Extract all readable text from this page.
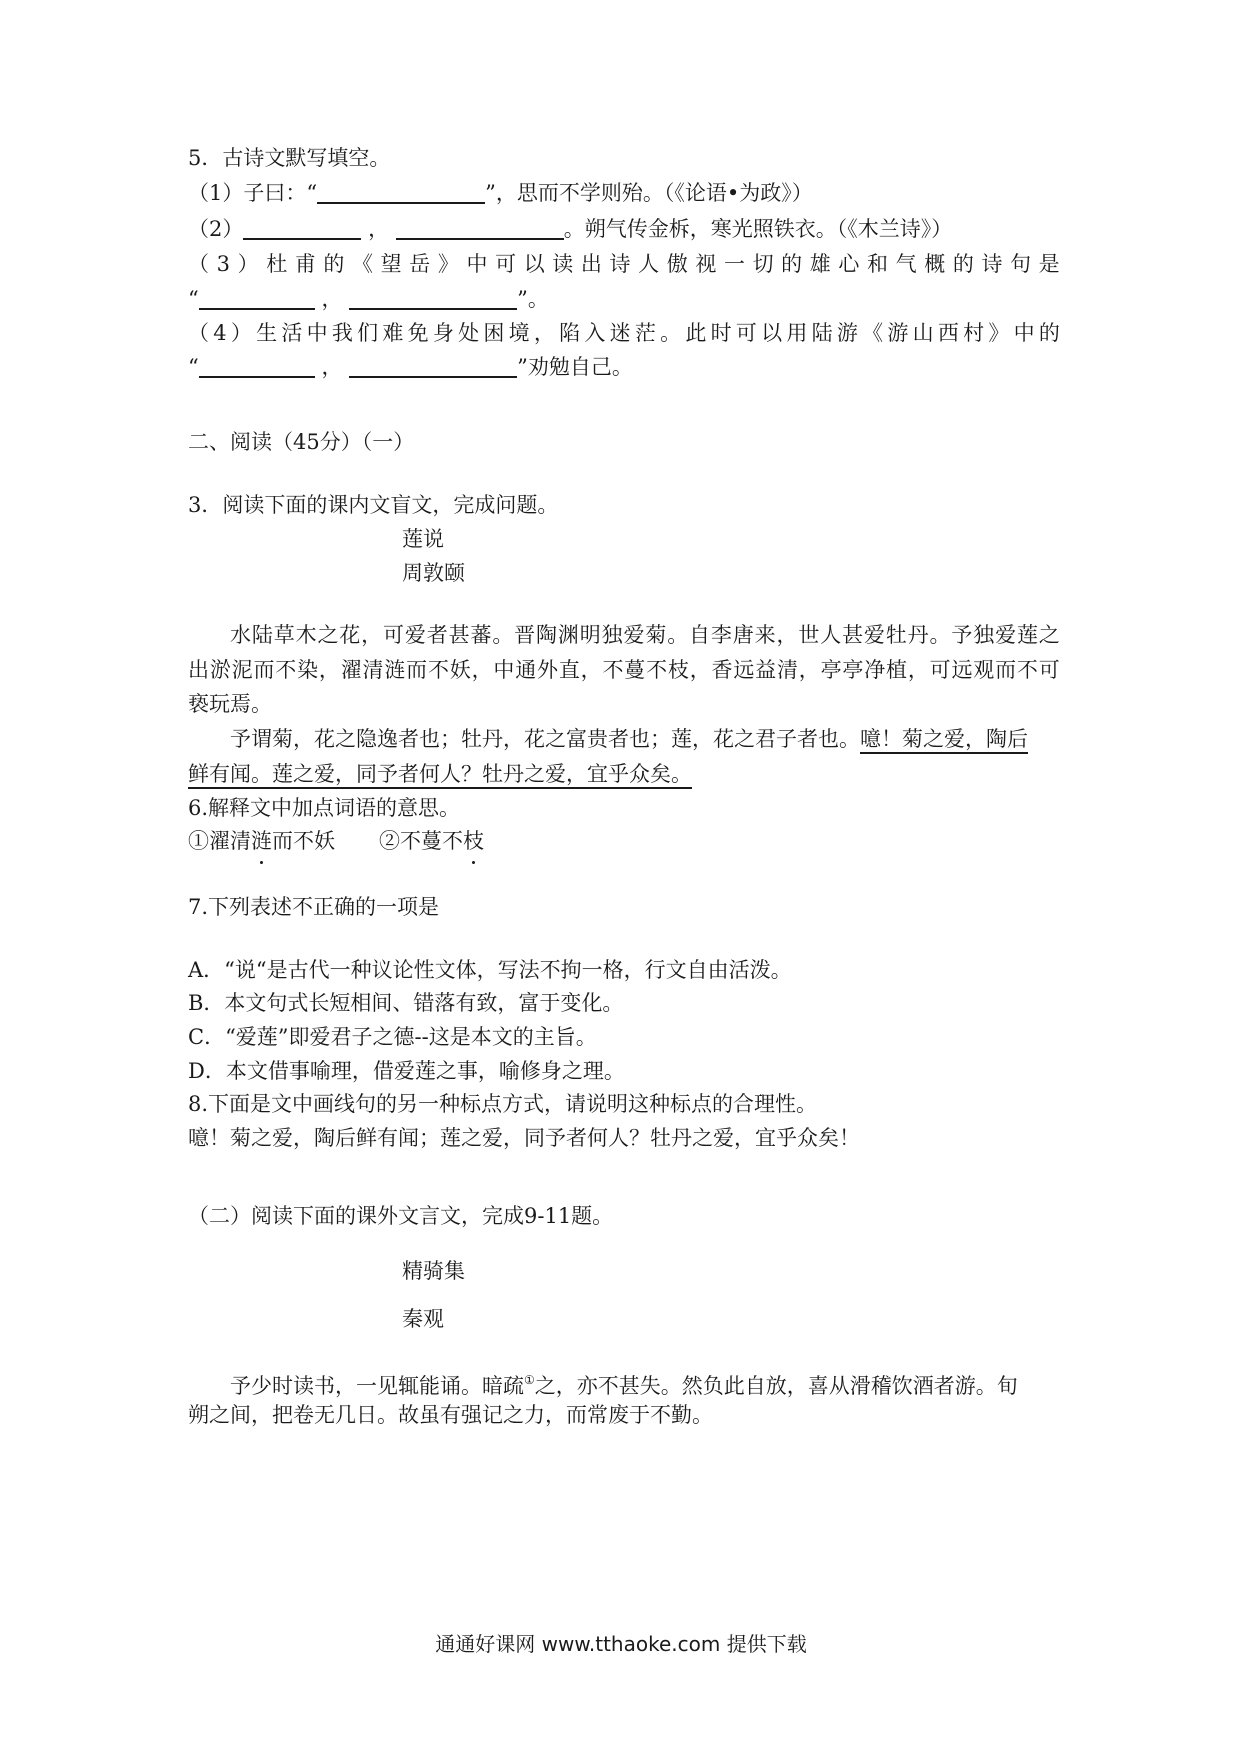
5．古诗文默写填空。
（1）子曰：“	”，思而不学则殆。（《论语•为政》）
（2）	，	。朔气传金柝，寒光照铁衣。（《木兰诗》）
（ 3 ） 杜 甫 的 《 望 岳 》 中 可 以 读 出 诗 人 傲 视 一 切 的 雄 心 和 气 概 的 诗 句 是
“	，	”。
（ 4 ） 生 活 中 我 们 难 免 身 处 困 境 ， 陷 入 迷 茫 。 此 时 可 以 用 陆 游 《 游 山 西 村 》 中 的
“	，	”劝勉自己。
二、阅读（45分）（一）
3．阅读下面的课内文盲文，完成问题。
莲说
周敦颐
水 陆 草 木 之 花 ， 可 爱 者 甚 蕃 。 晋 陶 渊 明 独 爱 菊 。 自 李 唐 来 ， 世 人 甚 爱 牡 丹 。 予 独 爱 莲 之
出 淤 泥 而 不 染 ， 濯 清 涟 而 不 妖 ， 中 通 外 直 ， 不 蔓 不 枝 ， 香 远 益 清 ， 亭 亭 净 植 ， 可 远 观 而 不 可
亵玩焉。
予谓菊，花之隐逸者也；牡丹，花之富贵者也；莲，花之君子者也。噫！菊之爱，陶后
鲜有闻。莲之爱，同予者何人？牡丹之爱，宜乎众矣。
6.解释文中加点词语的意思。
①濯清涟而不妖 ②不蔓不枝
7.下列表述不正确的一项是
A．“说“是古代一种议论性文体，写法不拘一格，行文自由活泼。
B．本文句式长短相间、错落有致，富于变化。
C．“爱莲”即爱君子之德--这是本文的主旨。
D．本文借事喻理，借爱莲之事，喻修身之理。
8.下面是文中画线句的另一种标点方式，请说明这种标点的合理性。
噫！菊之爱，陶后鲜有闻；莲之爱，同予者何人？牡丹之爱，宜乎众矣！
（二）阅读下面的课外文言文，完成9-11题。
精骑集
秦观
予少时读书，一见辄能诵。暗疏①之，亦不甚失。然负此自放，喜从滑稽饮酒者游。旬
朔之间，把卷无几日。故虽有强记之力，而常废于不勤。
通通好课网 www.tthaoke.com 提供下载
